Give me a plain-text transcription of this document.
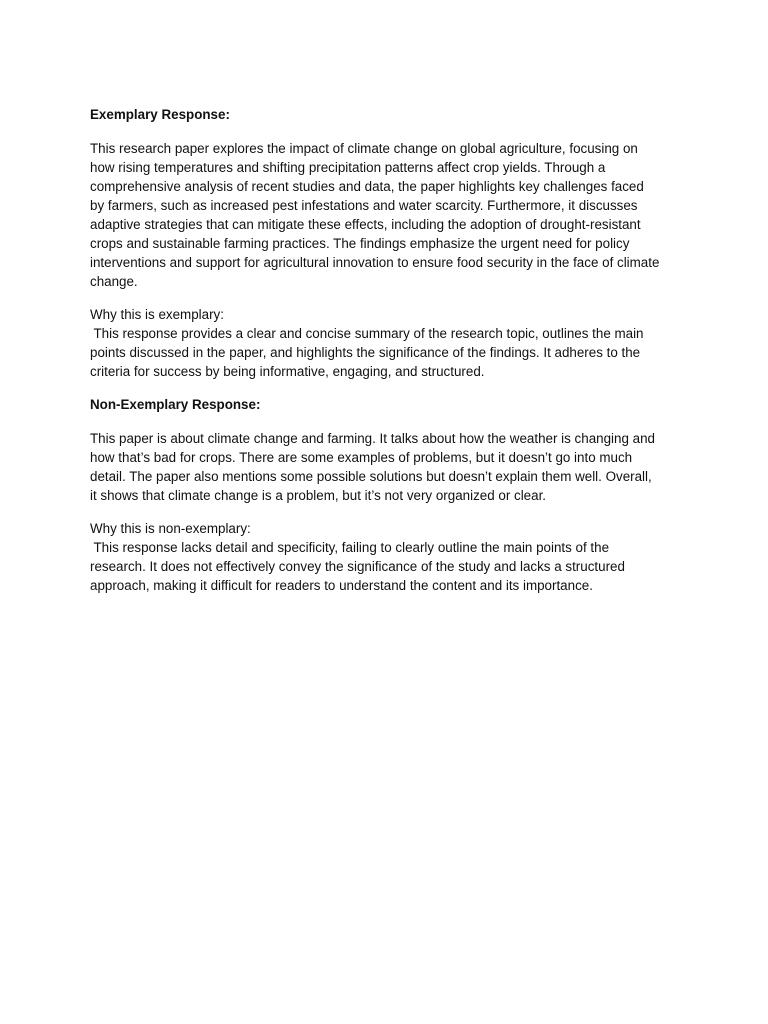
Exemplary Response:

This research paper explores the impact of climate change on global agriculture, focusing on
how rising temperatures and shifting precipitation patterns affect crop yields. Through a
comprehensive analysis of recent studies and data, the paper highlights key challenges faced
by farmers, such as increased pest infestations and water scarcity. Furthermore, it discusses
adaptive strategies that can mitigate these effects, including the adoption of drought-resistant
crops and sustainable farming practices. The findings emphasize the urgent need for policy
interventions and support for agricultural innovation to ensure food security in the face of climate
change.

Why this is exemplary:

This response provides a clear and concise summary of the research topic, outlines the main
points discussed in the paper, and highlights the significance of the findings. It adheres to the
criteria for success by being informative, engaging, and structured.

Non-Exemplary Response:

This paper is about climate change and farming. It talks about how the weather is changing and
how that’s bad for crops. There are some examples of problems, but it doesn’t go into much
detail. The paper also mentions some possible solutions but doesn’t explain them well. Overall,
it shows that climate change is a problem, but it’s not very organized or clear.

Why this is non-exemplary:

This response lacks detail and specificity, failing to clearly outline the main points of the
research. It does not effectively convey the significance of the study and lacks a structured
approach, making it difficult for readers to understand the content and its importance.
